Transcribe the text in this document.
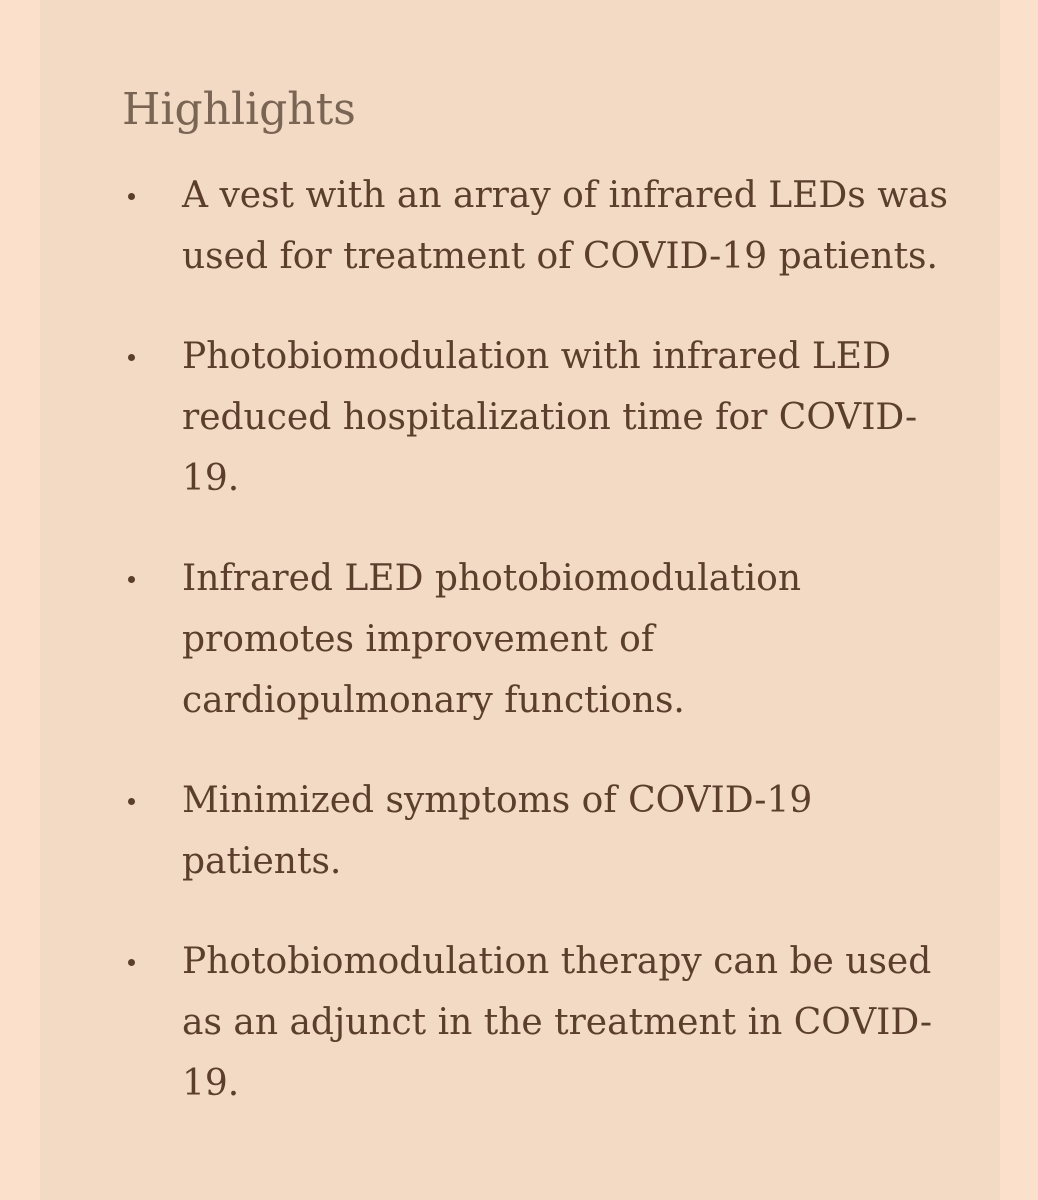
Highlights
A vest with an array of infrared LEDs was used for treatment of COVID-19 patients.
Photobiomodulation with infrared LED reduced hospitalization time for COVID-19.
Infrared LED photobiomodulation promotes improvement of cardiopulmonary functions.
Minimized symptoms of COVID-19 patients.
Photobiomodulation therapy can be used as an adjunct in the treatment in COVID-19.
